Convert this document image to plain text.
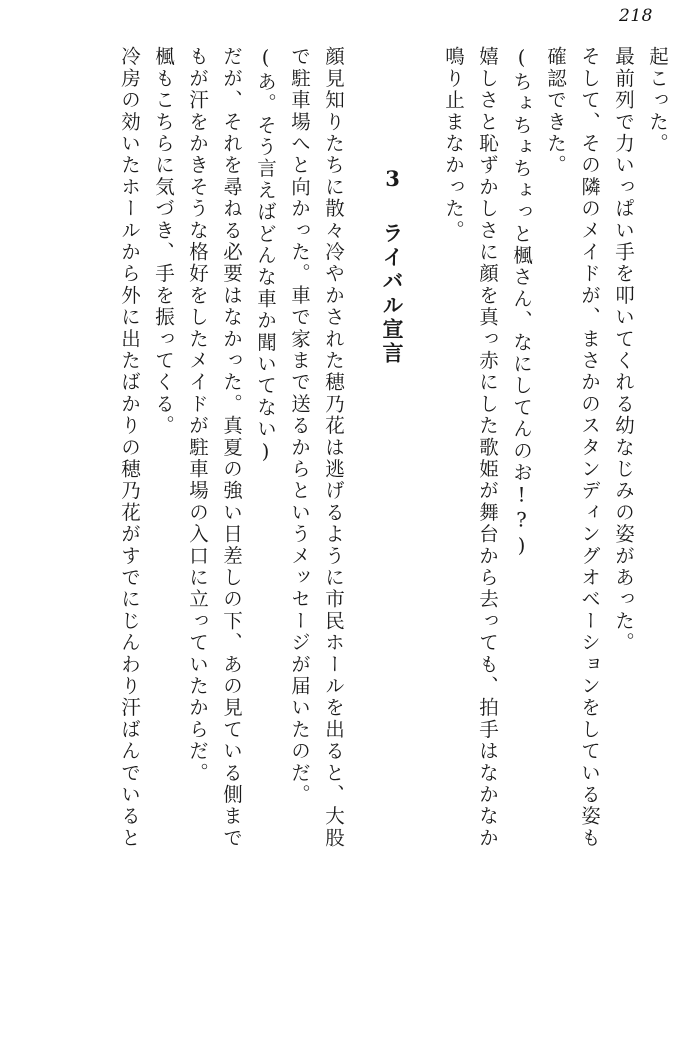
218
起こった。
最前列で力いっぱい手を叩いてくれる幼なじみの姿があった。
そして、その隣のメイドが、まさかのスタンディングオベーションをしている姿も
確認できた。
(ちょちょちょっと楓さん、なにしてんのお!?)
嬉しさと恥ずかしさに顔を真っ赤にした歌姫が舞台から去っても、拍手はなかなか
鳴り止まなかった。
3 ライバル宣言
顔見知りたちに散々冷やかされた穂乃花は逃げるように市民ホールを出ると、大股
で駐車場へと向かった。車で家まで送るからというメッセージが届いたのだ。
(あ。そう言えばどんな車か聞いてない)
だが、それを尋ねる必要はなかった。真夏の強い日差しの下、あの見ている側まで
もが汗をかきそうな格好をしたメイドが駐車場の入口に立っていたからだ。
楓もこちらに気づき、手を振ってくる。
冷房の効いたホールから外に出たばかりの穂乃花がすでにじんわり汗ばんでいると
